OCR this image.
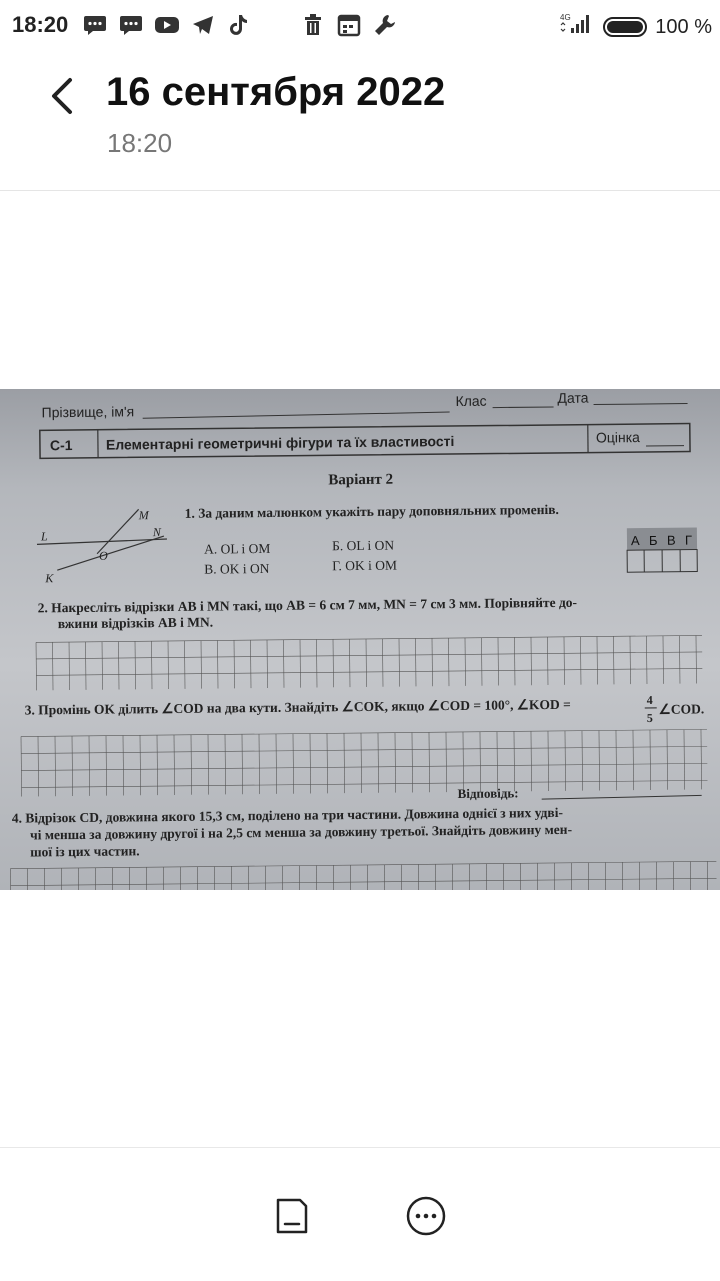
18:20	4G	100 %
16 сентября 2022
18:20
Прізвище, ім'я
Клас	Дата
С-1 Елементарні геометричні фігури та їх властивості	Оцінка
Варіант 2
L
M
N
O
K
1. За даним малюнком укажіть пару доповняльних променів.
А. OL і OM	Б. OL і ON
В. OK і ON	Г. OK і OM
А Б В Г
2. Накресліть відрізки AB і MN такі, що AB = 6 см 7 мм, MN = 7 см 3 мм. Порівняйте до-
вжини відрізків AB і MN.
3. Промінь OK ділить ∠COD на два кути. Знайдіть ∠COK, якщо ∠COD = 100°, ∠KOD =	4
5
∠COD.
Відповідь:
4. Відрізок CD, довжина якого 15,3 см, поділено на три частини. Довжина однієї з них удві-
чі менша за довжину другої і на 2,5 см менша за довжину третьої. Знайдіть довжину мен-
шої із цих частин.
